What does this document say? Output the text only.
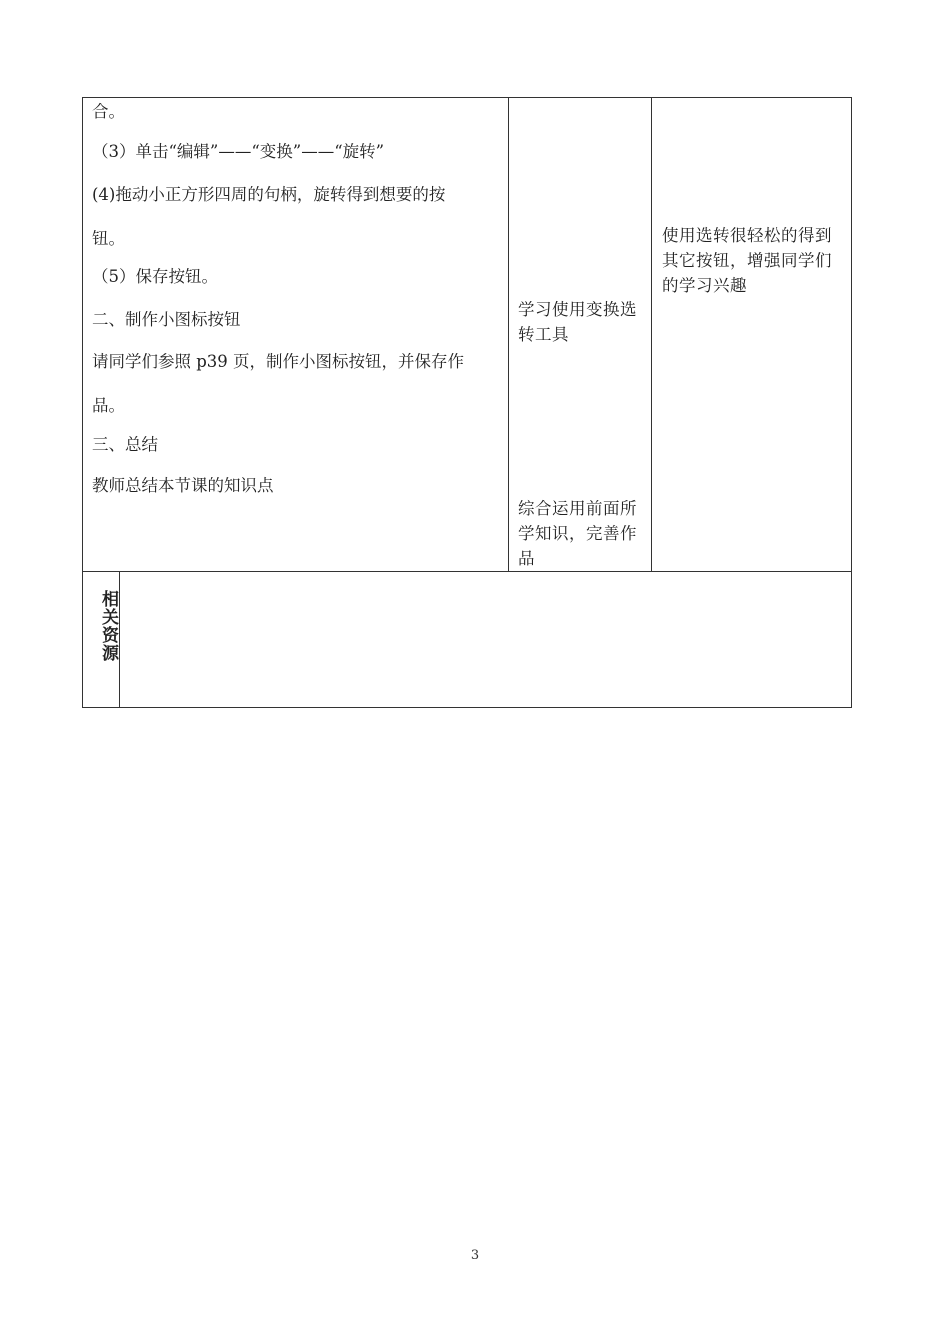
合。
（3）单击“编辑”——“变换”——“旋转”
(4)拖动小正方形四周的句柄，旋转得到想要的按
钮。
（5）保存按钮。
二、制作小图标按钮
请同学们参照 p39 页，制作小图标按钮，并保存作
品。
三、总结
教师总结本节课的知识点
学习使用变换选转工具
综合运用前面所学知识，完善作品
使用选转很轻松的得到其它按钮，增强同学们的学习兴趣
相关资源
3
